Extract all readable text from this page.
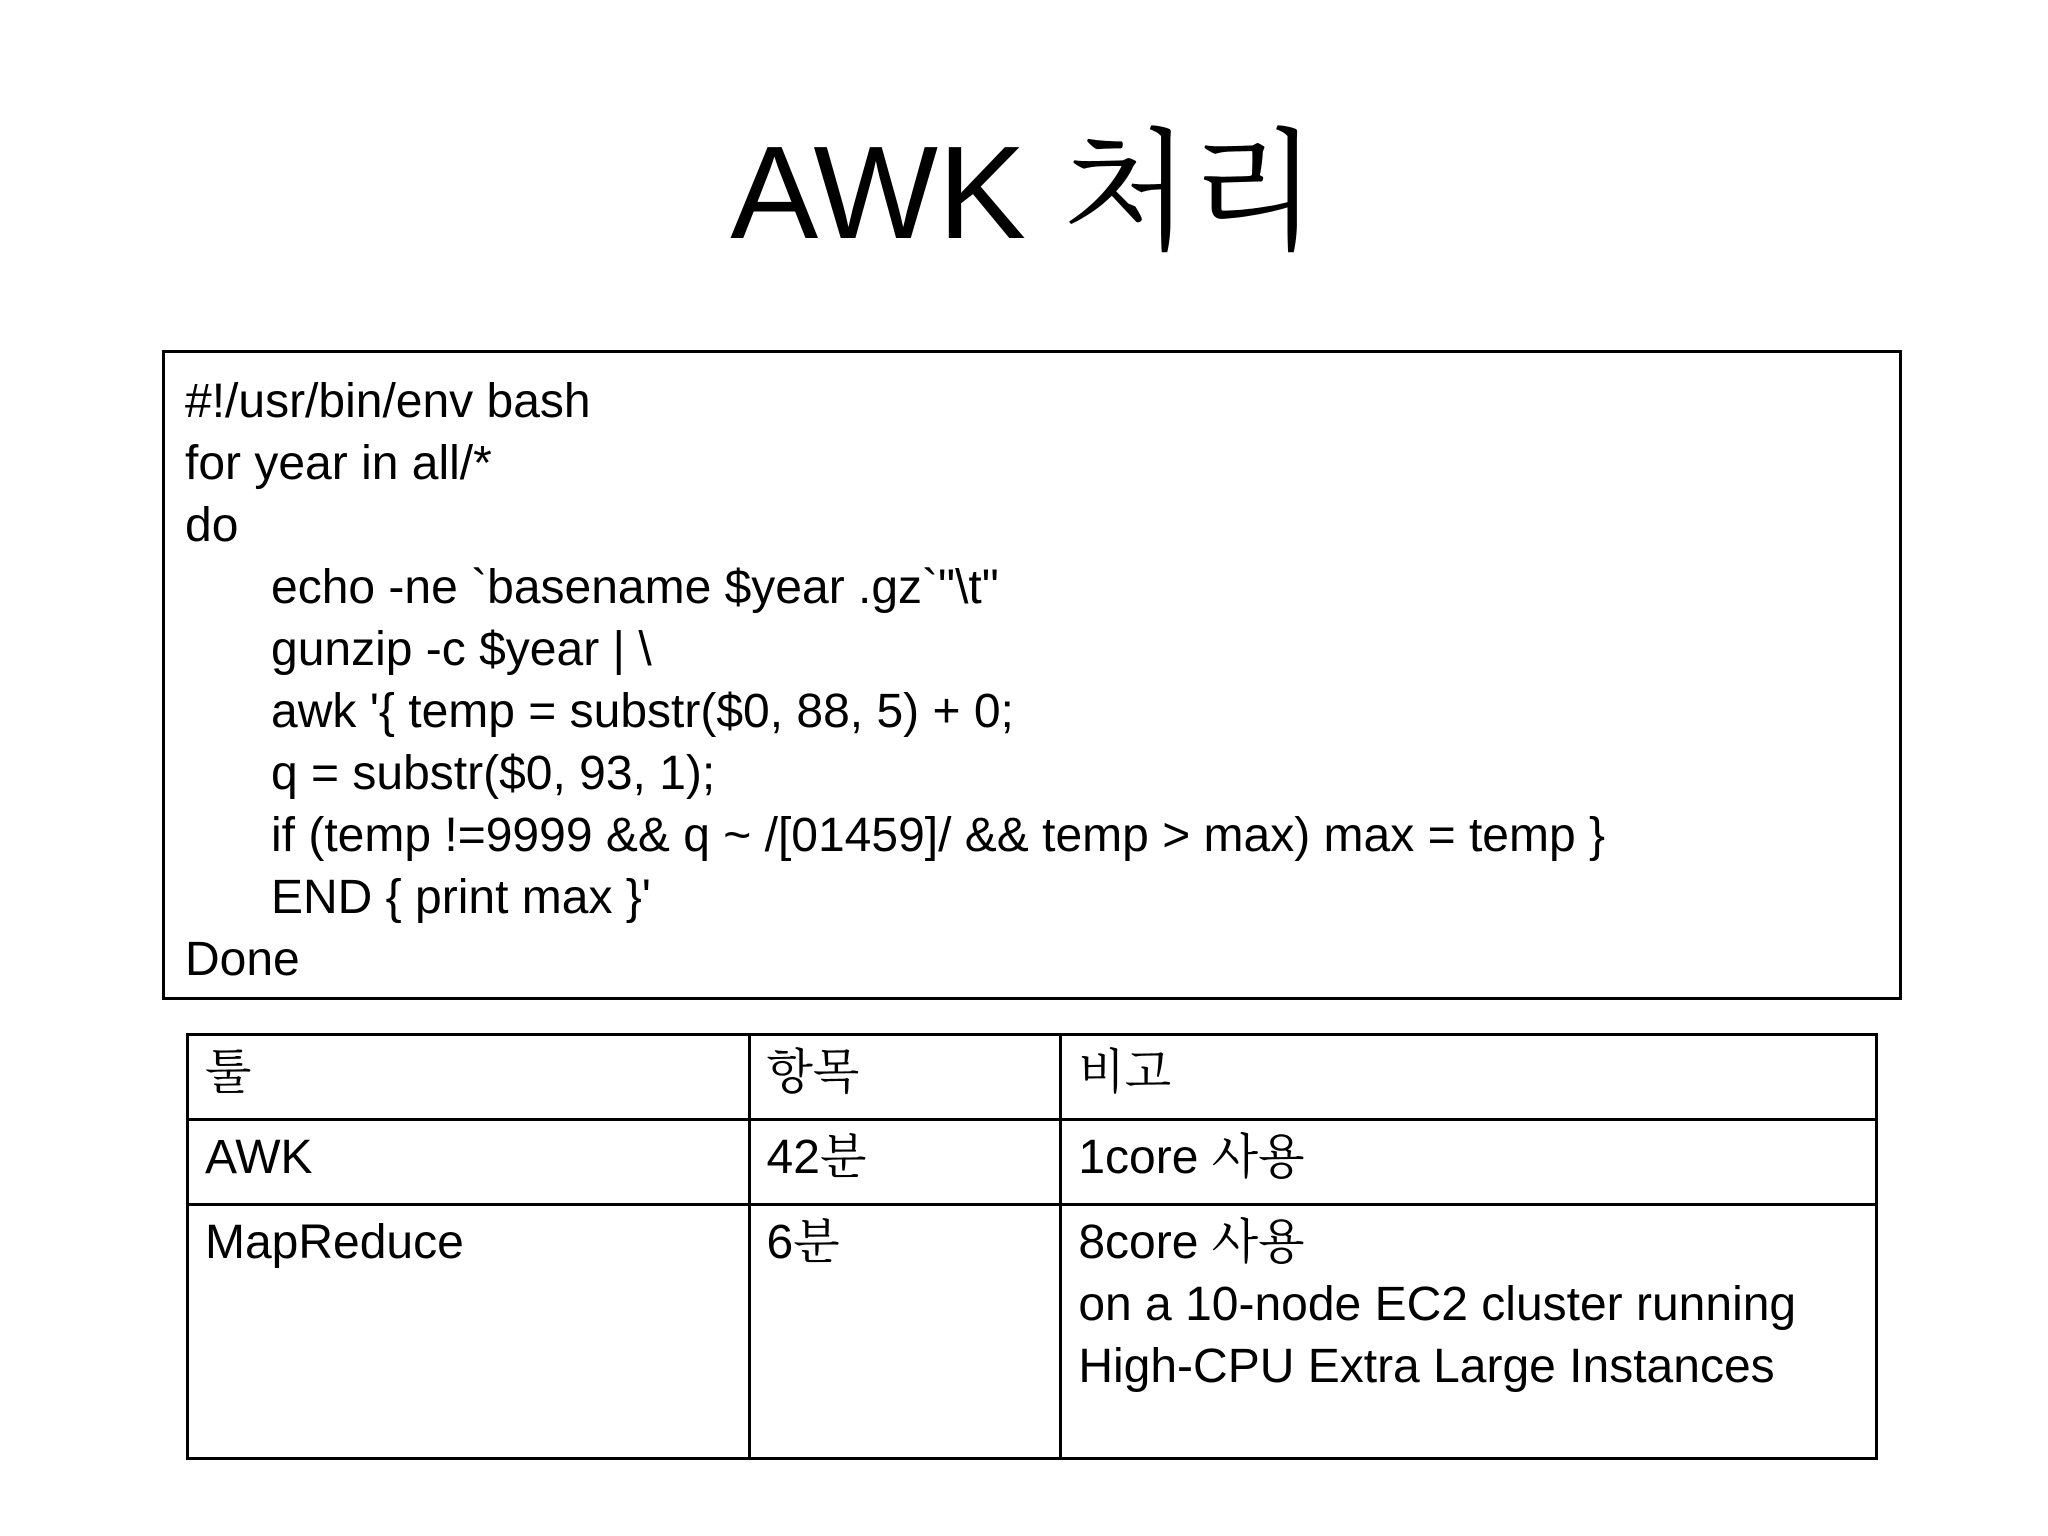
AWK 처리
#!/usr/bin/env bash
for year in all/*
do
echo -ne `basename $year .gz`"\t"
gunzip -c $year | \
awk '{ temp = substr($0, 88, 5) + 0;
q = substr($0, 93, 1);
if (temp !=9999 && q ~ /[01459]/ && temp > max) max = temp }
END { print max }'
Done
툴	항목	비고
AWK	42분	1core 사용

MapReduce	6분	8core 사용
on a 10-node EC2 cluster running
High-CPU Extra Large Instances
